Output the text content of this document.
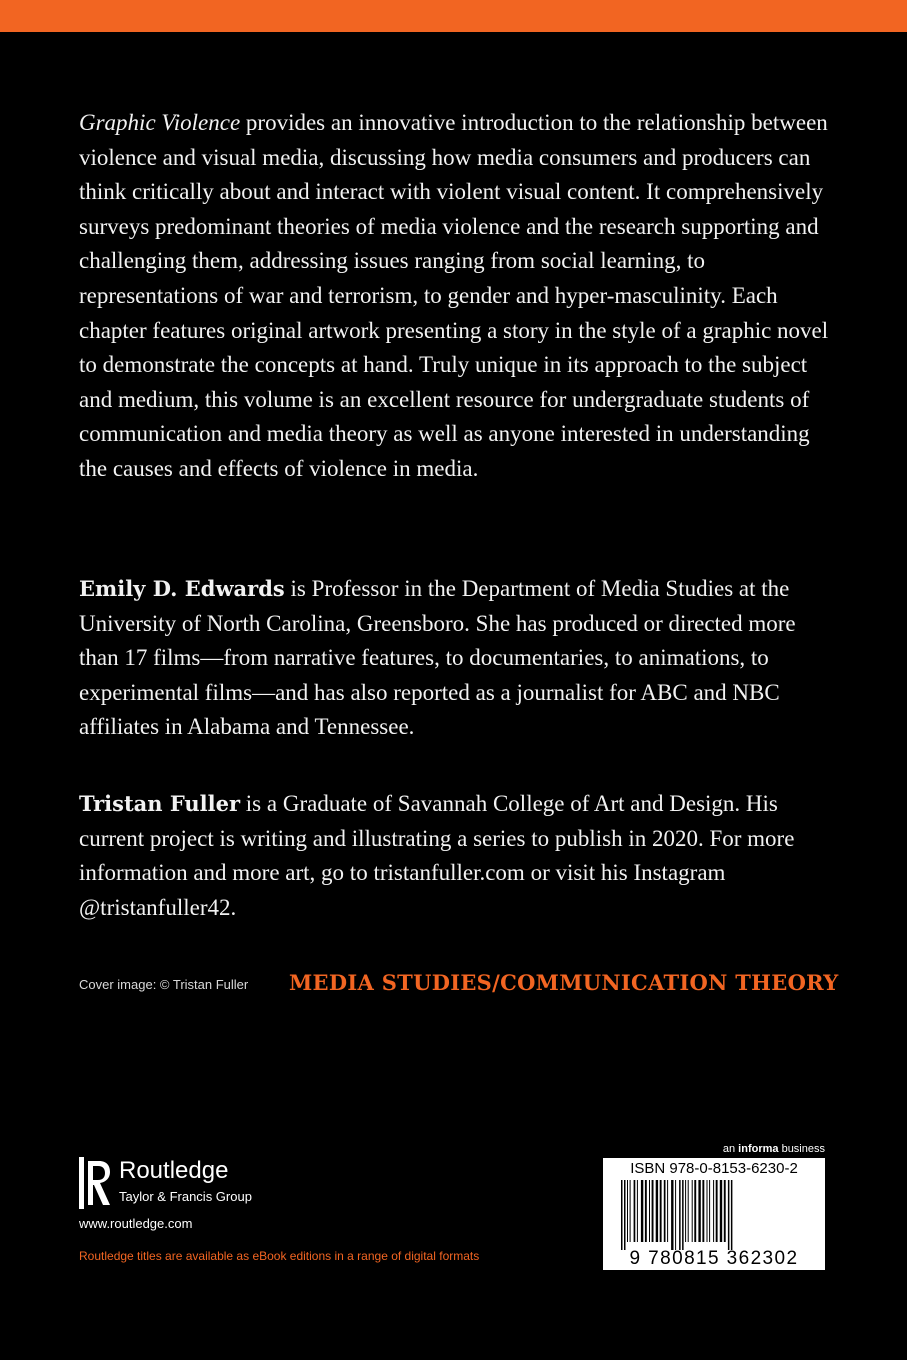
Graphic Violence provides an innovative introduction to the relationship between violence and visual media, discussing how media consumers and producers can think critically about and interact with violent visual content. It comprehensively surveys predominant theories of media violence and the research supporting and challenging them, addressing issues ranging from social learning, to representations of war and terrorism, to gender and hyper-masculinity. Each chapter features original artwork presenting a story in the style of a graphic novel to demonstrate the concepts at hand. Truly unique in its approach to the subject and medium, this volume is an excellent resource for undergraduate students of communication and media theory as well as anyone interested in understanding the causes and effects of violence in media.

Emily D. Edwards is Professor in the Department of Media Studies at the University of North Carolina, Greensboro. She has produced or directed more than 17 films—from narrative features, to documentaries, to animations, to experimental films—and has also reported as a journalist for ABC and NBC affiliates in Alabama and Tennessee.

Tristan Fuller is a Graduate of Savannah College of Art and Design. His current project is writing and illustrating a series to publish in 2020. For more information and more art, go to tristanfuller.com or visit his Instagram @tristanfuller42.

Cover image: © Tristan Fuller MEDIA STUDIES/COMMUNICATION THEORY
Routledge
Taylor & Francis Group
www.routledge.com
Routledge titles are available as eBook editions in a range of digital formats
an informa business
ISBN 978-0-8153-6230-2
9 780815 362302
